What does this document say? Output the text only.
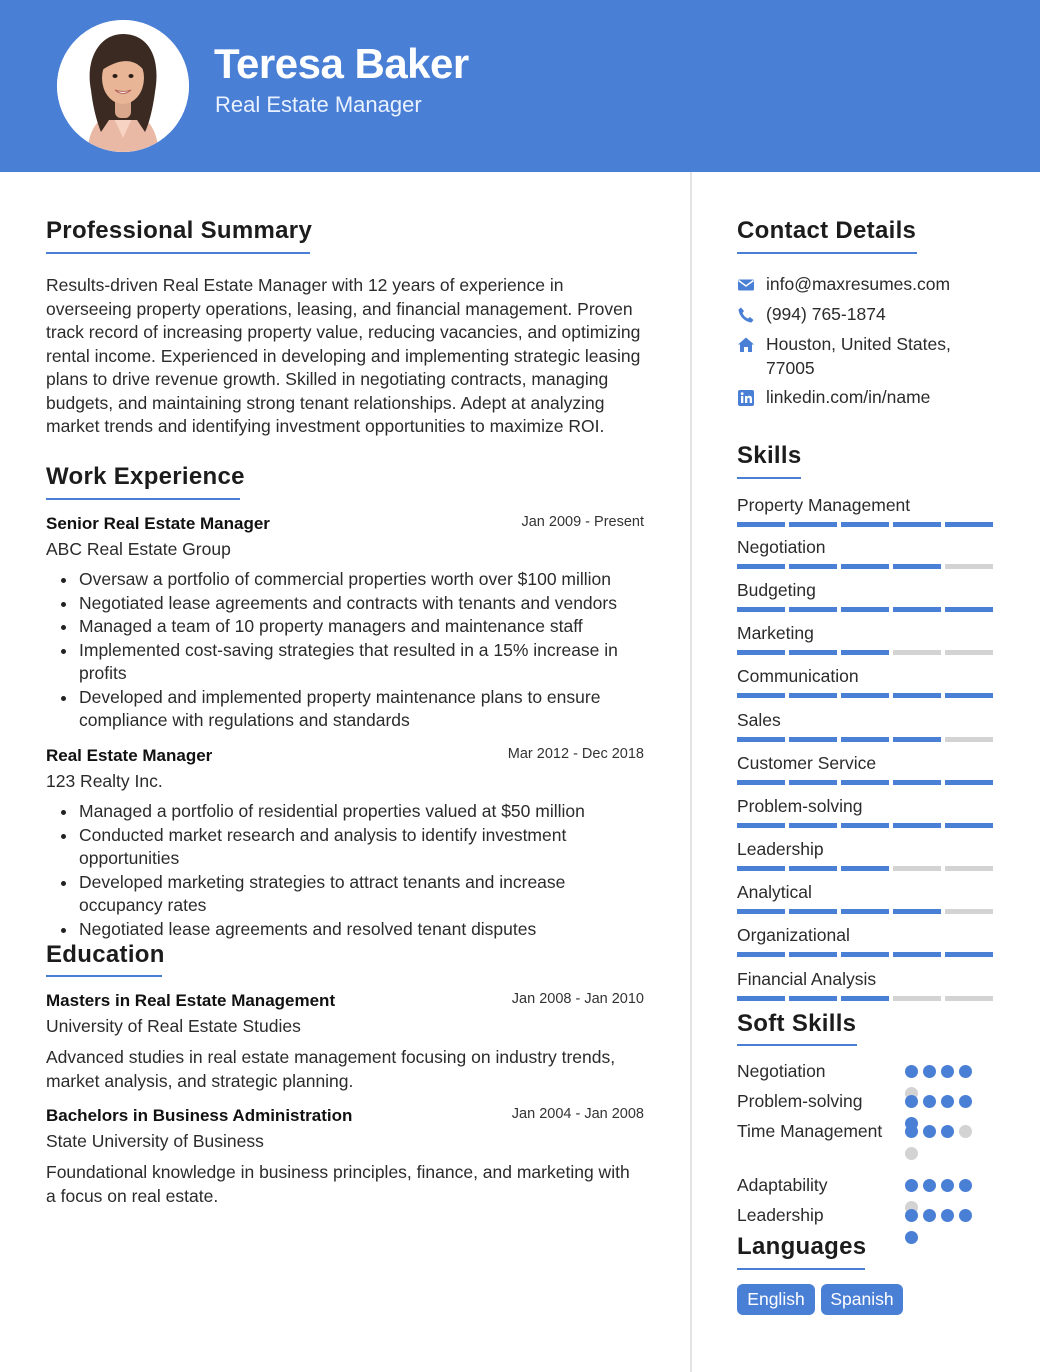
Teresa Baker
Real Estate Manager
Professional Summary
Results-driven Real Estate Manager with 12 years of experience in overseeing property operations, leasing, and financial management. Proven track record of increasing property value, reducing vacancies, and optimizing rental income. Experienced in developing and implementing strategic leasing plans to drive revenue growth. Skilled in negotiating contracts, managing budgets, and maintaining strong tenant relationships. Adept at analyzing market trends and identifying investment opportunities to maximize ROI.
Work Experience
Senior Real Estate Manager	Jan 2009 - Present
ABC Real Estate Group
Oversaw a portfolio of commercial properties worth over $100 million
Negotiated lease agreements and contracts with tenants and vendors
Managed a team of 10 property managers and maintenance staff
Implemented cost-saving strategies that resulted in a 15% increase in profits
Developed and implemented property maintenance plans to ensure compliance with regulations and standards
Real Estate Manager	Mar 2012 - Dec 2018
123 Realty Inc.
Managed a portfolio of residential properties valued at $50 million
Conducted market research and analysis to identify investment opportunities
Developed marketing strategies to attract tenants and increase occupancy rates
Negotiated lease agreements and resolved tenant disputes
Education
Masters in Real Estate Management	Jan 2008 - Jan 2010
University of Real Estate Studies
Advanced studies in real estate management focusing on industry trends, market analysis, and strategic planning.
Bachelors in Business Administration	Jan 2004 - Jan 2008
State University of Business
Foundational knowledge in business principles, finance, and marketing with a focus on real estate.
Contact Details
info@maxresumes.com
(994) 765-1874
Houston, United States, 77005
linkedin.com/in/name
Skills
Property Management
Negotiation
Budgeting
Marketing
Communication
Sales
Customer Service
Problem-solving
Leadership
Analytical
Organizational
Financial Analysis
Soft Skills
Negotiation
Problem-solving
Time Management
Adaptability
Leadership
Languages
English	Spanish
